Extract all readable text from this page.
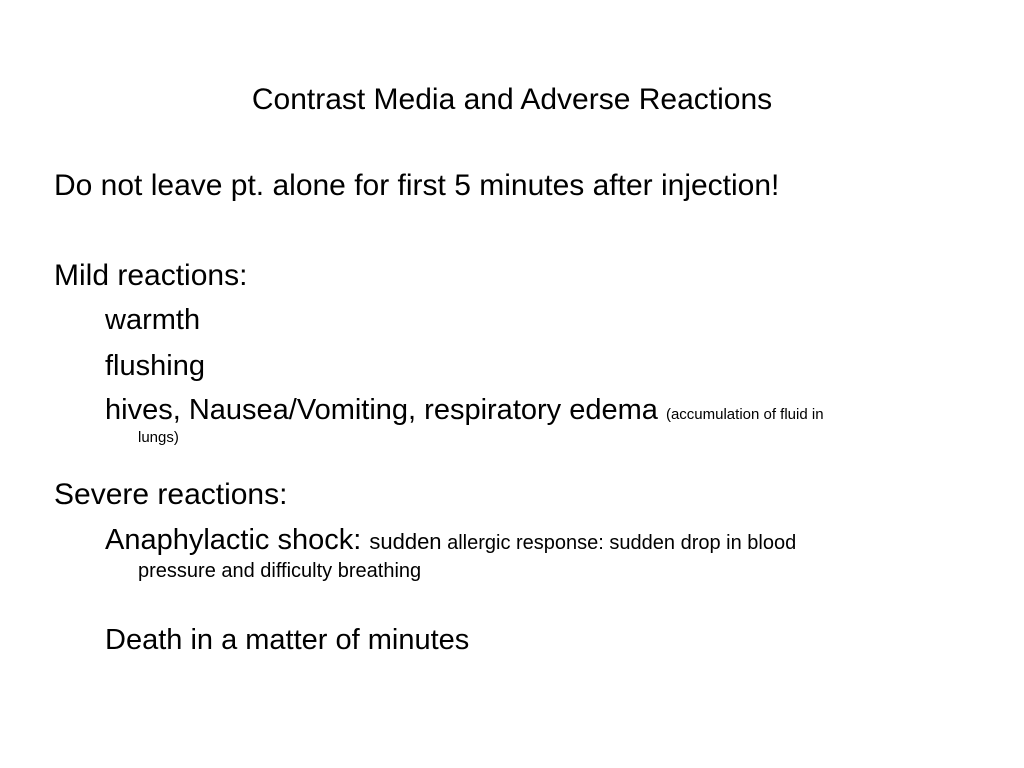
Contrast Media and Adverse Reactions
Do not leave pt. alone for first 5 minutes after injection!
Mild reactions:
warmth
flushing
hives, Nausea/Vomiting, respiratory edema (accumulation of fluid in
lungs)
Severe reactions:
Anaphylactic shock: sudden allergic response: sudden drop in blood
pressure and difficulty breathing
Death in a matter of minutes
